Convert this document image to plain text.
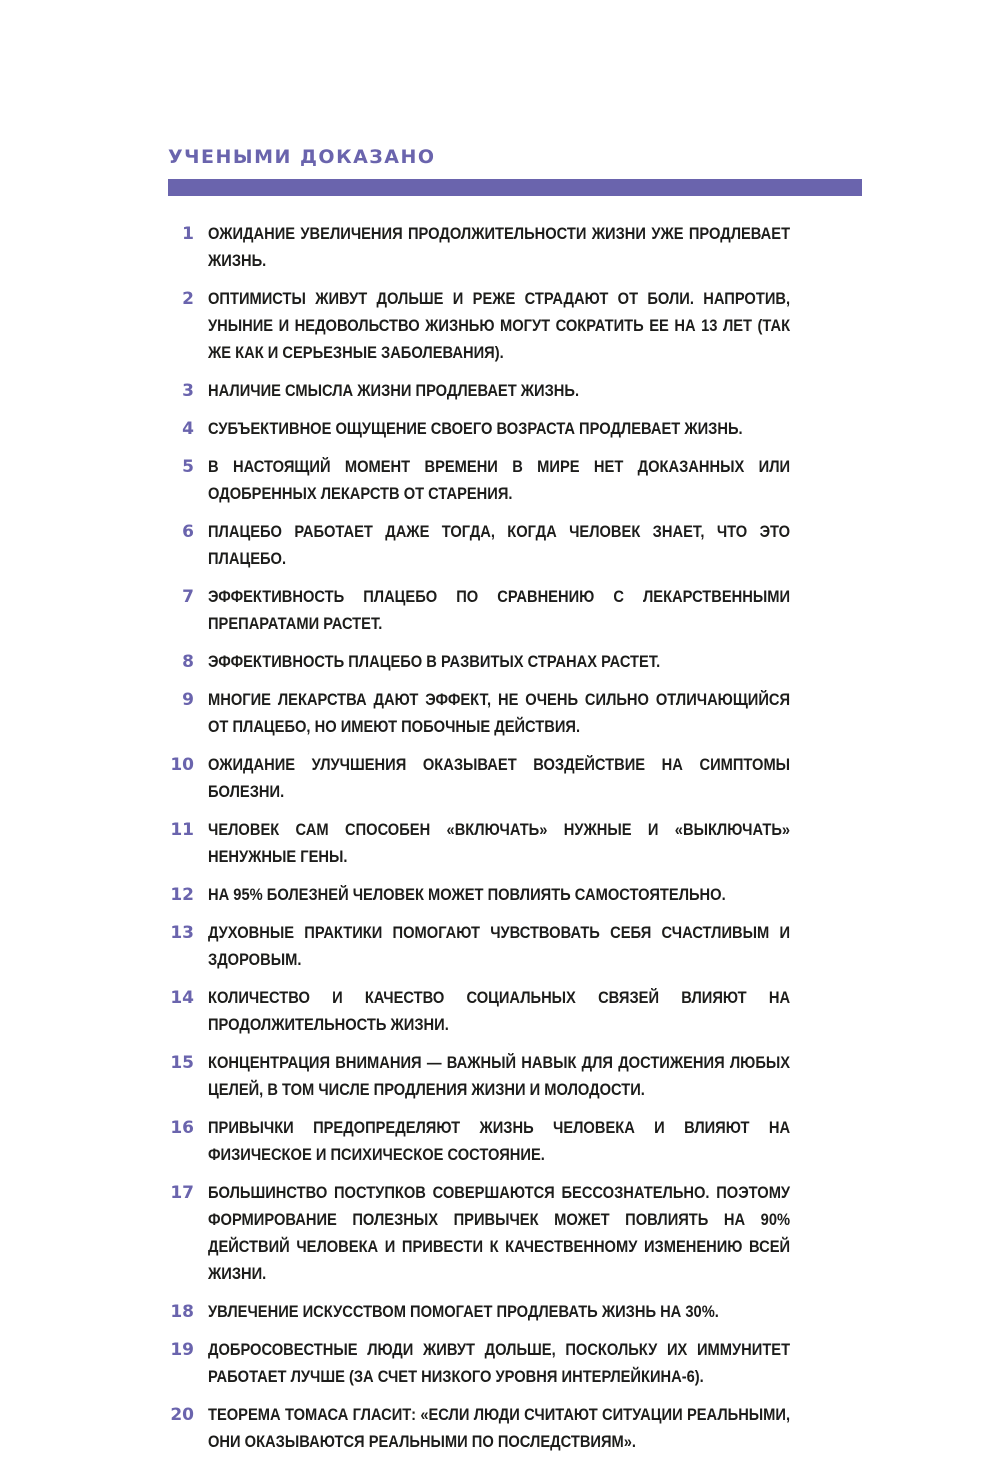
УЧЕНЫМИ ДОКАЗАНО
1 ОЖИДАНИЕ УВЕЛИЧЕНИЯ ПРОДОЛЖИТЕЛЬНОСТИ ЖИЗНИ УЖЕ ПРОДЛЕВАЕТ ЖИЗНЬ.
2 ОПТИМИСТЫ ЖИВУТ ДОЛЬШЕ И РЕЖЕ СТРАДАЮТ ОТ БОЛИ. НАПРОТИВ, УНЫНИЕ И НЕДОВОЛЬСТВО ЖИЗНЬЮ МОГУТ СОКРАТИТЬ ЕЕ НА 13 ЛЕТ (ТАК ЖЕ КАК И СЕРЬЕЗНЫЕ ЗАБОЛЕВАНИЯ).
3 НАЛИЧИЕ СМЫСЛА ЖИЗНИ ПРОДЛЕВАЕТ ЖИЗНЬ.
4 СУБЪЕКТИВНОЕ ОЩУЩЕНИЕ СВОЕГО ВОЗРАСТА ПРОДЛЕВАЕТ ЖИЗНЬ.
5 В НАСТОЯЩИЙ МОМЕНТ ВРЕМЕНИ В МИРЕ НЕТ ДОКАЗАННЫХ ИЛИ ОДОБРЕННЫХ ЛЕКАРСТВ ОТ СТАРЕНИЯ.
6 ПЛАЦЕБО РАБОТАЕТ ДАЖЕ ТОГДА, КОГДА ЧЕЛОВЕК ЗНАЕТ, ЧТО ЭТО ПЛАЦЕБО.
7 ЭФФЕКТИВНОСТЬ ПЛАЦЕБО ПО СРАВНЕНИЮ С ЛЕКАРСТВЕННЫМИ ПРЕПАРАТАМИ РАСТЕТ.
8 ЭФФЕКТИВНОСТЬ ПЛАЦЕБО В РАЗВИТЫХ СТРАНАХ РАСТЕТ.
9 МНОГИЕ ЛЕКАРСТВА ДАЮТ ЭФФЕКТ, НЕ ОЧЕНЬ СИЛЬНО ОТЛИЧАЮЩИЙСЯ ОТ ПЛАЦЕБО, НО ИМЕЮТ ПОБОЧНЫЕ ДЕЙСТВИЯ.
10 ОЖИДАНИЕ УЛУЧШЕНИЯ ОКАЗЫВАЕТ ВОЗДЕЙСТВИЕ НА СИМПТОМЫ БОЛЕЗНИ.
11 ЧЕЛОВЕК САМ СПОСОБЕН «ВКЛЮЧАТЬ» НУЖНЫЕ И «ВЫКЛЮЧАТЬ» НЕНУЖНЫЕ ГЕНЫ.
12 НА 95% БОЛЕЗНЕЙ ЧЕЛОВЕК МОЖЕТ ПОВЛИЯТЬ САМОСТОЯТЕЛЬНО.
13 ДУХОВНЫЕ ПРАКТИКИ ПОМОГАЮТ ЧУВСТВОВАТЬ СЕБЯ СЧАСТЛИВЫМ И ЗДОРОВЫМ.
14 КОЛИЧЕСТВО И КАЧЕСТВО СОЦИАЛЬНЫХ СВЯЗЕЙ ВЛИЯЮТ НА ПРОДОЛЖИТЕЛЬНОСТЬ ЖИЗНИ.
15 КОНЦЕНТРАЦИЯ ВНИМАНИЯ — ВАЖНЫЙ НАВЫК ДЛЯ ДОСТИЖЕНИЯ ЛЮБЫХ ЦЕЛЕЙ, В ТОМ ЧИСЛЕ ПРОДЛЕНИЯ ЖИЗНИ И МОЛОДОСТИ.
16 ПРИВЫЧКИ ПРЕДОПРЕДЕЛЯЮТ ЖИЗНЬ ЧЕЛОВЕКА И ВЛИЯЮТ НА ФИЗИЧЕСКОЕ И ПСИХИЧЕСКОЕ СОСТОЯНИЕ.
17 БОЛЬШИНСТВО ПОСТУПКОВ СОВЕРШАЮТСЯ БЕССОЗНАТЕЛЬНО. ПОЭТОМУ ФОРМИРОВАНИЕ ПОЛЕЗНЫХ ПРИВЫЧЕК МОЖЕТ ПОВЛИЯТЬ НА 90% ДЕЙСТВИЙ ЧЕЛОВЕКА И ПРИВЕСТИ К КАЧЕСТВЕННОМУ ИЗМЕНЕНИЮ ВСЕЙ ЖИЗНИ.
18 УВЛЕЧЕНИЕ ИСКУССТВОМ ПОМОГАЕТ ПРОДЛЕВАТЬ ЖИЗНЬ НА 30%.
19 ДОБРОСОВЕСТНЫЕ ЛЮДИ ЖИВУТ ДОЛЬШЕ, ПОСКОЛЬКУ ИХ ИММУНИТЕТ РАБОТАЕТ ЛУЧШЕ (ЗА СЧЕТ НИЗКОГО УРОВНЯ ИНТЕРЛЕЙКИНА-6).
20 ТЕОРЕМА ТОМАСА ГЛАСИТ: «ЕСЛИ ЛЮДИ СЧИТАЮТ СИТУАЦИИ РЕАЛЬНЫМИ, ОНИ ОКАЗЫВАЮТСЯ РЕАЛЬНЫМИ ПО ПОСЛЕДСТВИЯМ».
